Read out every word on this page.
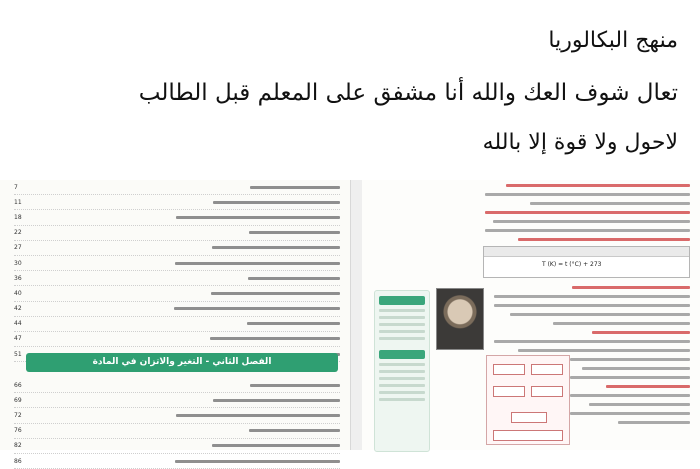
منهج البكالوريا
تعال شوف العك والله أنا مشفق على المعلم قبل الطالب
لاحول ولا قوة إلا بالله
7
11
18
22
27
30
36
40
42
44
47
51
الفصل الثاني - التغير والاتزان في المادة
66
69
72
76
82
86
T (K) = t (°C) + 273
